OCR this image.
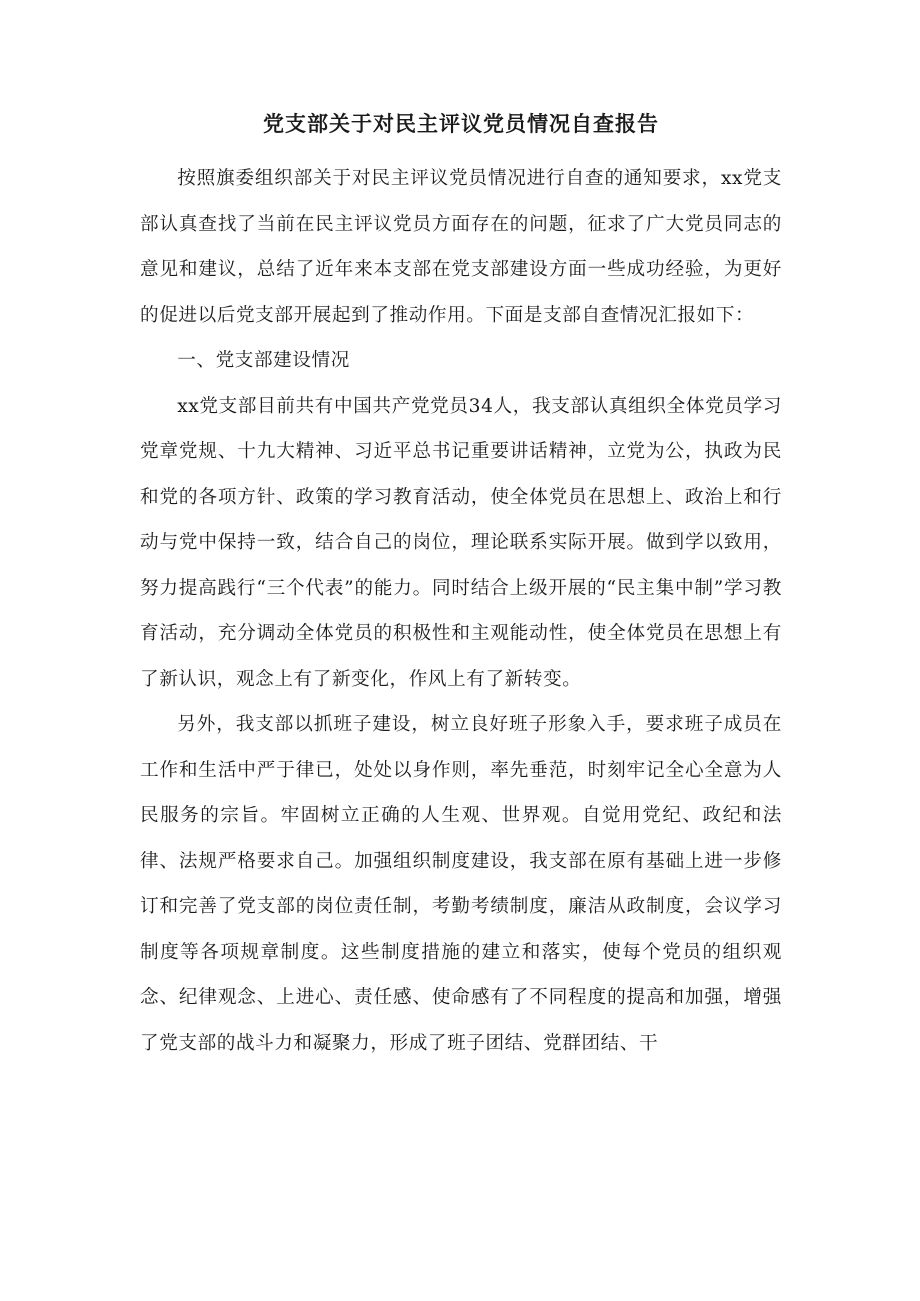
党支部关于对民主评议党员情况自查报告

按照旗委组织部关于对民主评议党员情况进行自查的通知要求，xx党支部认真查找了当前在民主评议党员方面存在的问题，征求了广大党员同志的意见和建议，总结了近年来本支部在党支部建设方面一些成功经验，为更好的促进以后党支部开展起到了推动作用。下面是支部自查情况汇报如下：

一、党支部建设情况

xx党支部目前共有中国共产党党员34人，我支部认真组织全体党员学习党章党规、十九大精神、习近平总书记重要讲话精神，立党为公，执政为民和党的各项方针、政策的学习教育活动，使全体党员在思想上、政治上和行动与党中保持一致，结合自己的岗位，理论联系实际开展。做到学以致用，努力提高践行“三个代表”的能力。同时结合上级开展的“民主集中制”学习教育活动，充分调动全体党员的积极性和主观能动性，使全体党员在思想上有了新认识，观念上有了新变化，作风上有了新转变。

另外，我支部以抓班子建设，树立良好班子形象入手，要求班子成员在工作和生活中严于律已，处处以身作则，率先垂范，时刻牢记全心全意为人民服务的宗旨。牢固树立正确的人生观、世界观。自觉用党纪、政纪和法律、法规严格要求自己。加强组织制度建设，我支部在原有基础上进一步修订和完善了党支部的岗位责任制，考勤考绩制度，廉洁从政制度，会议学习制度等各项规章制度。这些制度措施的建立和落实，使每个党员的组织观念、纪律观念、上进心、责任感、使命感有了不同程度的提高和加强，增强了党支部的战斗力和凝聚力，形成了班子团结、党群团结、干
